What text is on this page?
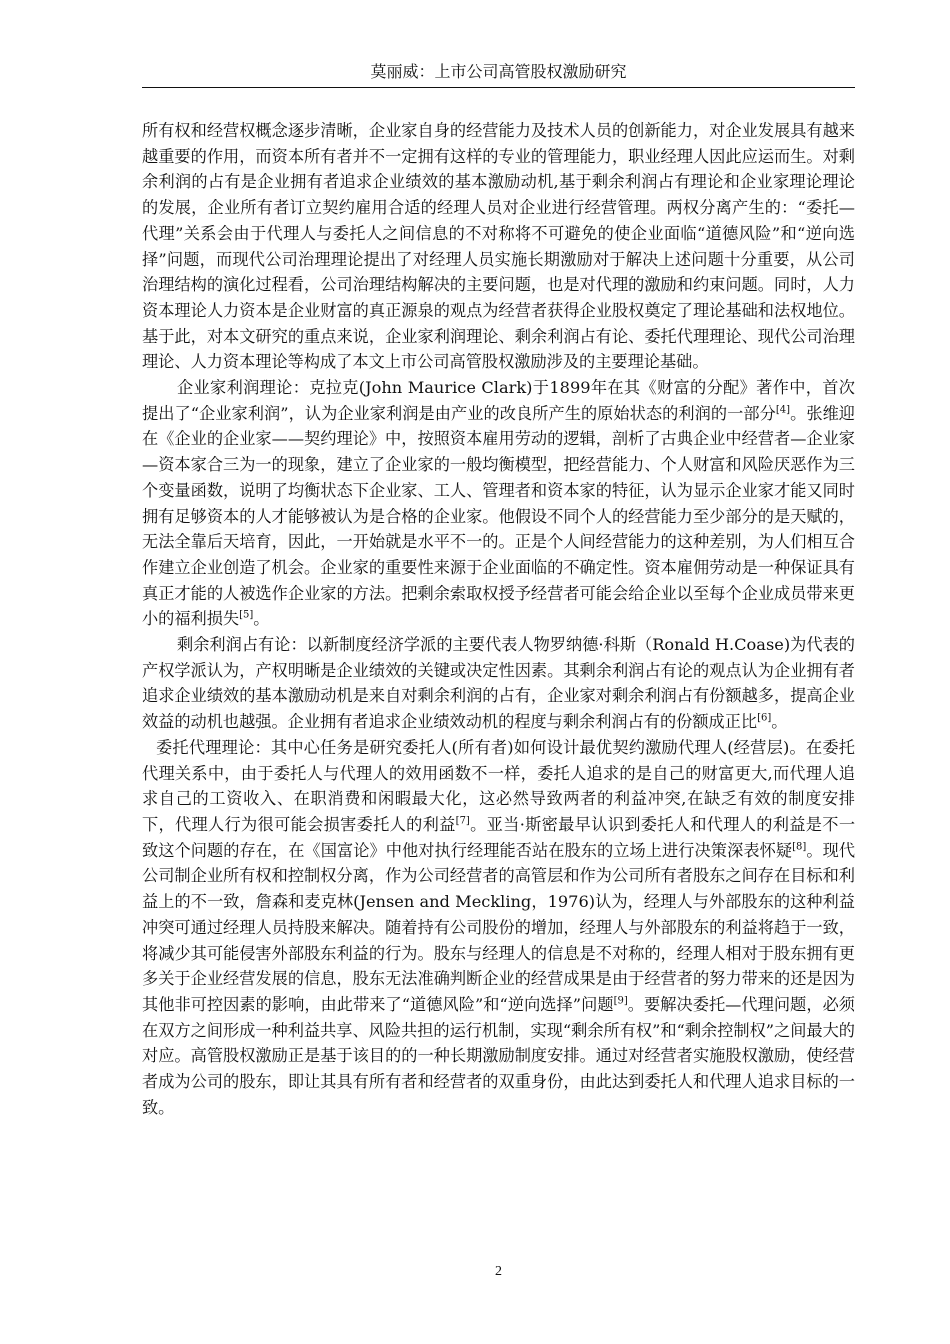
莫丽威：上市公司高管股权激励研究

所有权和经营权概念逐步清晰，企业家自身的经营能力及技术人员的创新能力，对企业发展具有越来越重要的作用，而资本所有者并不一定拥有这样的专业的管理能力，职业经理人因此应运而生。对剩余利润的占有是企业拥有者追求企业绩效的基本激励动机,基于剩余利润占有理论和企业家理论理论的发展，企业所有者订立契约雇用合适的经理人员对企业进行经营管理。两权分离产生的：“委托—代理”关系会由于代理人与委托人之间信息的不对称将不可避免的使企业面临“道德风险”和“逆向选择”问题，而现代公司治理理论提出了对经理人员实施长期激励对于解决上述问题十分重要，从公司治理结构的演化过程看，公司治理结构解决的主要问题，也是对代理的激励和约束问题。同时，人力资本理论人力资本是企业财富的真正源泉的观点为经营者获得企业股权奠定了理论基础和法权地位。基于此，对本文研究的重点来说，企业家利润理论、剩余利润占有论、委托代理理论、现代公司治理理论、人力资本理论等构成了本文上市公司高管股权激励涉及的主要理论基础。

企业家利润理论：克拉克(John Maurice Clark)于1899年在其《财富的分配》著作中，首次提出了“企业家利润”，认为企业家利润是由产业的改良所产生的原始状态的利润的一部分[4]。张维迎在《企业的企业家——契约理论》中，按照资本雇用劳动的逻辑，剖析了古典企业中经营者—企业家—资本家合三为一的现象，建立了企业家的一般均衡模型，把经营能力、个人财富和风险厌恶作为三个变量函数，说明了均衡状态下企业家、工人、管理者和资本家的特征，认为显示企业家才能又同时拥有足够资本的人才能够被认为是合格的企业家。他假设不同个人的经营能力至少部分的是天赋的，无法全靠后天培育，因此，一开始就是水平不一的。正是个人间经营能力的这种差别，为人们相互合作建立企业创造了机会。企业家的重要性来源于企业面临的不确定性。资本雇佣劳动是一种保证具有真正才能的人被选作企业家的方法。把剩余索取权授予经营者可能会给企业以至每个企业成员带来更小的福利损失[5]。

剩余利润占有论：以新制度经济学派的主要代表人物罗纳德·科斯（Ronald H.Coase)为代表的产权学派认为，产权明晰是企业绩效的关键或决定性因素。其剩余利润占有论的观点认为企业拥有者追求企业绩效的基本激励动机是来自对剩余利润的占有，企业家对剩余利润占有份额越多，提高企业效益的动机也越强。企业拥有者追求企业绩效动机的程度与剩余利润占有的份额成正比[6]。

委托代理理论：其中心任务是研究委托人(所有者)如何设计最优契约激励代理人(经营层)。在委托代理关系中，由于委托人与代理人的效用函数不一样，委托人追求的是自己的财富更大,而代理人追求自己的工资收入、在职消费和闲暇最大化，这必然导致两者的利益冲突,在缺乏有效的制度安排下，代理人行为很可能会损害委托人的利益[7]。亚当·斯密最早认识到委托人和代理人的利益是不一致这个问题的存在，在《国富论》中他对执行经理能否站在股东的立场上进行决策深表怀疑[8]。现代公司制企业所有权和控制权分离，作为公司经营者的高管层和作为公司所有者股东之间存在目标和利益上的不一致，詹森和麦克林(Jensen and Meckling，1976)认为，经理人与外部股东的这种利益冲突可通过经理人员持股来解决。随着持有公司股份的增加，经理人与外部股东的利益将趋于一致，将减少其可能侵害外部股东利益的行为。股东与经理人的信息是不对称的，经理人相对于股东拥有更多关于企业经营发展的信息，股东无法准确判断企业的经营成果是由于经营者的努力带来的还是因为其他非可控因素的影响，由此带来了“道德风险”和“逆向选择”问题[9]。要解决委托—代理问题，必须在双方之间形成一种利益共享、风险共担的运行机制，实现“剩余所有权”和“剩余控制权”之间最大的对应。高管股权激励正是基于该目的的一种长期激励制度安排。通过对经营者实施股权激励，使经营者成为公司的股东，即让其具有所有者和经营者的双重身份，由此达到委托人和代理人追求目标的一致。

2
